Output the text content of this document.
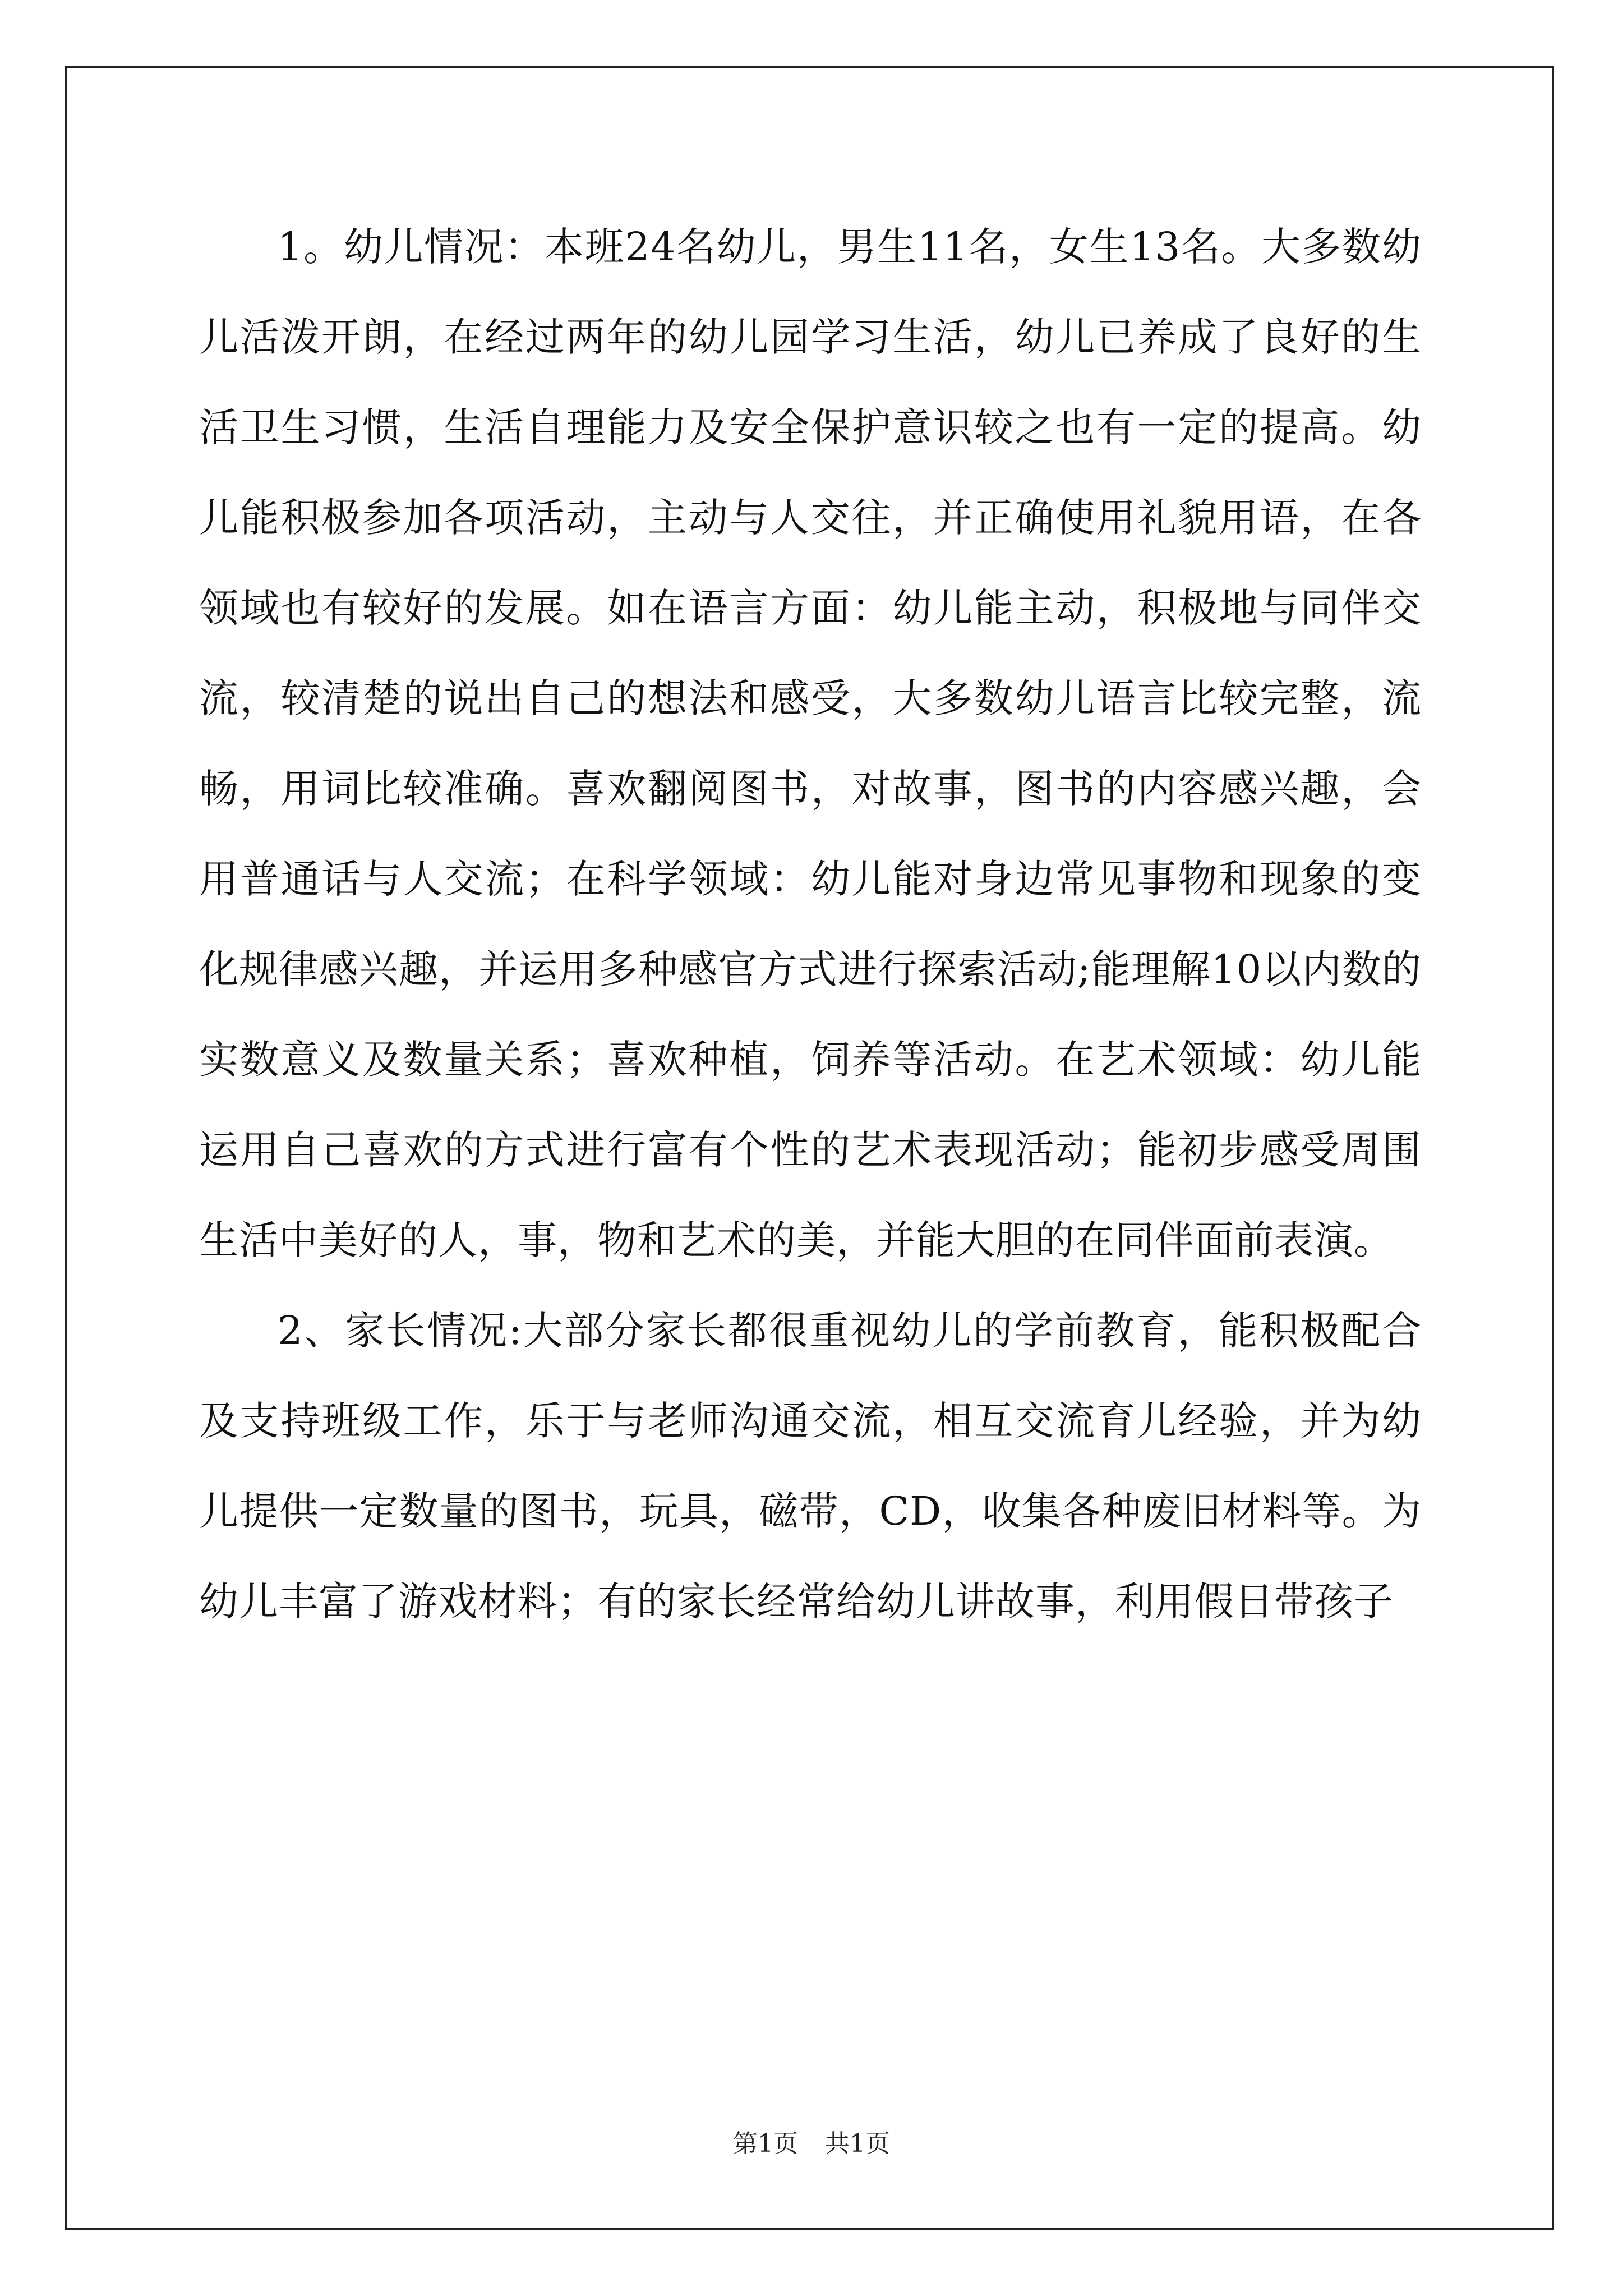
1。幼儿情况：本班24名幼儿，男生11名，女生13名。大多数幼儿活泼开朗，在经过两年的幼儿园学习生活，幼儿已养成了良好的生活卫生习惯，生活自理能力及安全保护意识较之也有一定的提高。幼儿能积极参加各项活动，主动与人交往，并正确使用礼貌用语，在各领域也有较好的发展。如在语言方面：幼儿能主动，积极地与同伴交流，较清楚的说出自己的想法和感受，大多数幼儿语言比较完整，流畅，用词比较准确。喜欢翻阅图书，对故事，图书的内容感兴趣，会用普通话与人交流；在科学领域：幼儿能对身边常见事物和现象的变化规律感兴趣，并运用多种感官方式进行探索活动;能理解10以内数的实数意义及数量关系；喜欢种植，饲养等活动。在艺术领域：幼儿能运用自己喜欢的方式进行富有个性的艺术表现活动；能初步感受周围生活中美好的人，事，物和艺术的美，并能大胆的在同伴面前表演。

2、家长情况:大部分家长都很重视幼儿的学前教育，能积极配合及支持班级工作，乐于与老师沟通交流，相互交流育儿经验，并为幼儿提供一定数量的图书，玩具，磁带，CD，收集各种废旧材料等。为幼儿丰富了游戏材料；有的家长经常给幼儿讲故事，利用假日带孩子

第1页 共1页
